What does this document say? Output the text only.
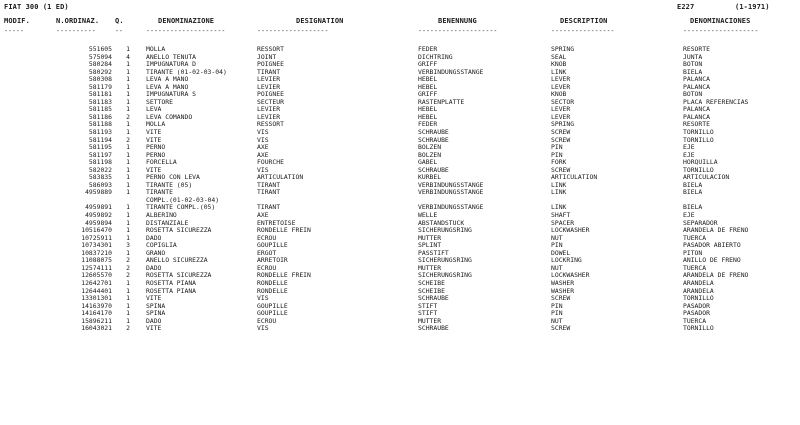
FIAT 300 (1 ED)	E227	(1-1971)
MODIF.	N.ORDINAZ. Q.	DENOMINAZIONE	DESIGNATION	BENENNUNG	DESCRIPTION	DENOMINACIONES
-----	----------	--	--------------------	------------------	--------------------	----------------	-------------------
551605	1	MOLLA	RESSORT	FEDER	SPRING	RESORTE
575094	4	ANELLO TENUTA	JOINT	DICHTRING	SEAL	JUNTA
580284	1	IMPUGNATURA D	POIGNEE	GRIFF	KNOB	BOTON
580292	1	TIRANTE (01-02-03-04)	TIRANT	VERBINDUNGSSTANGE	LINK	BIELA
580308	1	LEVA A MANO	LEVIER	HEBEL	LEVER	PALANCA
581179	1	LEVA A MANO	LEVIER	HEBEL	LEVER	PALANCA
581181	1	IMPUGNATURA S	POIGNEE	GRIFF	KNOB	BOTON
581183	1	SETTORE	SECTEUR	RASTENPLATTE	SECTOR	PLACA REFERENCIAS
581185	1	LEVA	LEVIER	HEBEL	LEVER	PALANCA
581186	2	LEVA COMANDO	LEVIER	HEBEL	LEVER	PALANCA
581188	1	MOLLA	RESSORT	FEDER	SPRING	RESORTE
581193	1	VITE	VIS	SCHRAUBE	SCREW	TORNILLO
581194	2	VITE	VIS	SCHRAUBE	SCREW	TORNILLO
581195	1	PERNO	AXE	BOLZEN	PIN	EJE
581197	1	PERNO	AXE	BOLZEN	PIN	EJE
581198	1	FORCELLA	FOURCHE	GABEL	FORK	HORQUILLA
582022	1	VITE	VIS	SCHRAUBE	SCREW	TORNILLO
583835	1	PERNO CON LEVA	ARTICULATION	KURBEL	ARTICULATION	ARTICULACION
586093	1	TIRANTE (05)	TIRANT	VERBINDUNGSSTANGE	LINK	BIELA
4959889	1	TIRANTE	TIRANT	VERBINDUNGSSTANGE	LINK	BIELA
COMPL.(01-02-03-04)
4959891	1	TIRANTE COMPL.(05)	TIRANT	VERBINDUNGSSTANGE	LINK	BIELA
4959892	1	ALBERINO	AXE	WELLE	SHAFT	EJE
4959894	1	DISTANZIALE	ENTRETOISE	ABSTANDSTUCK	SPACER	SEPARADOR
10516470	1	ROSETTA SICUREZZA	RONDELLE FREIN	SICHERUNGSRING	LOCKWASHER	ARANDELA DE FRENO
10725911	1	DADO	ECROU	MUTTER	NUT	TUERCA
10734301	3	COPIGLIA	GOUPILLE	SPLINT	PIN	PASADOR ABIERTO
10837210	1	GRANO	ERGOT	PASSTIFT	DOWEL	PITON
11088075	2	ANELLO SICUREZZA	ARRETOIR	SICHERUNGSRING	LOCKRING	ANILLO DE FRENO
12574111	2	DADO	ECROU	MUTTER	NUT	TUERCA
12605570	2	ROSETTA SICUREZZA	RONDELLE FREIN	SICHERUNGSRING	LOCKWASHER	ARANDELA DE FRENO
12642701	1	ROSETTA PIANA	RONDELLE	SCHEIBE	WASHER	ARANDELA
12644401	1	ROSETTA PIANA	RONDELLE	SCHEIBE	WASHER	ARANDELA
13301301	1	VITE	VIS	SCHRAUBE	SCREW	TORNILLO
14163970	1	SPINA	GOUPILLE	STIFT	PIN	PASADOR
14164170	1	SPINA	GOUPILLE	STIFT	PIN	PASADOR
15896211	1	DADO	ECROU	MUTTER	NUT	TUERCA
16043021	2	VITE	VIS	SCHRAUBE	SCREW	TORNILLO
